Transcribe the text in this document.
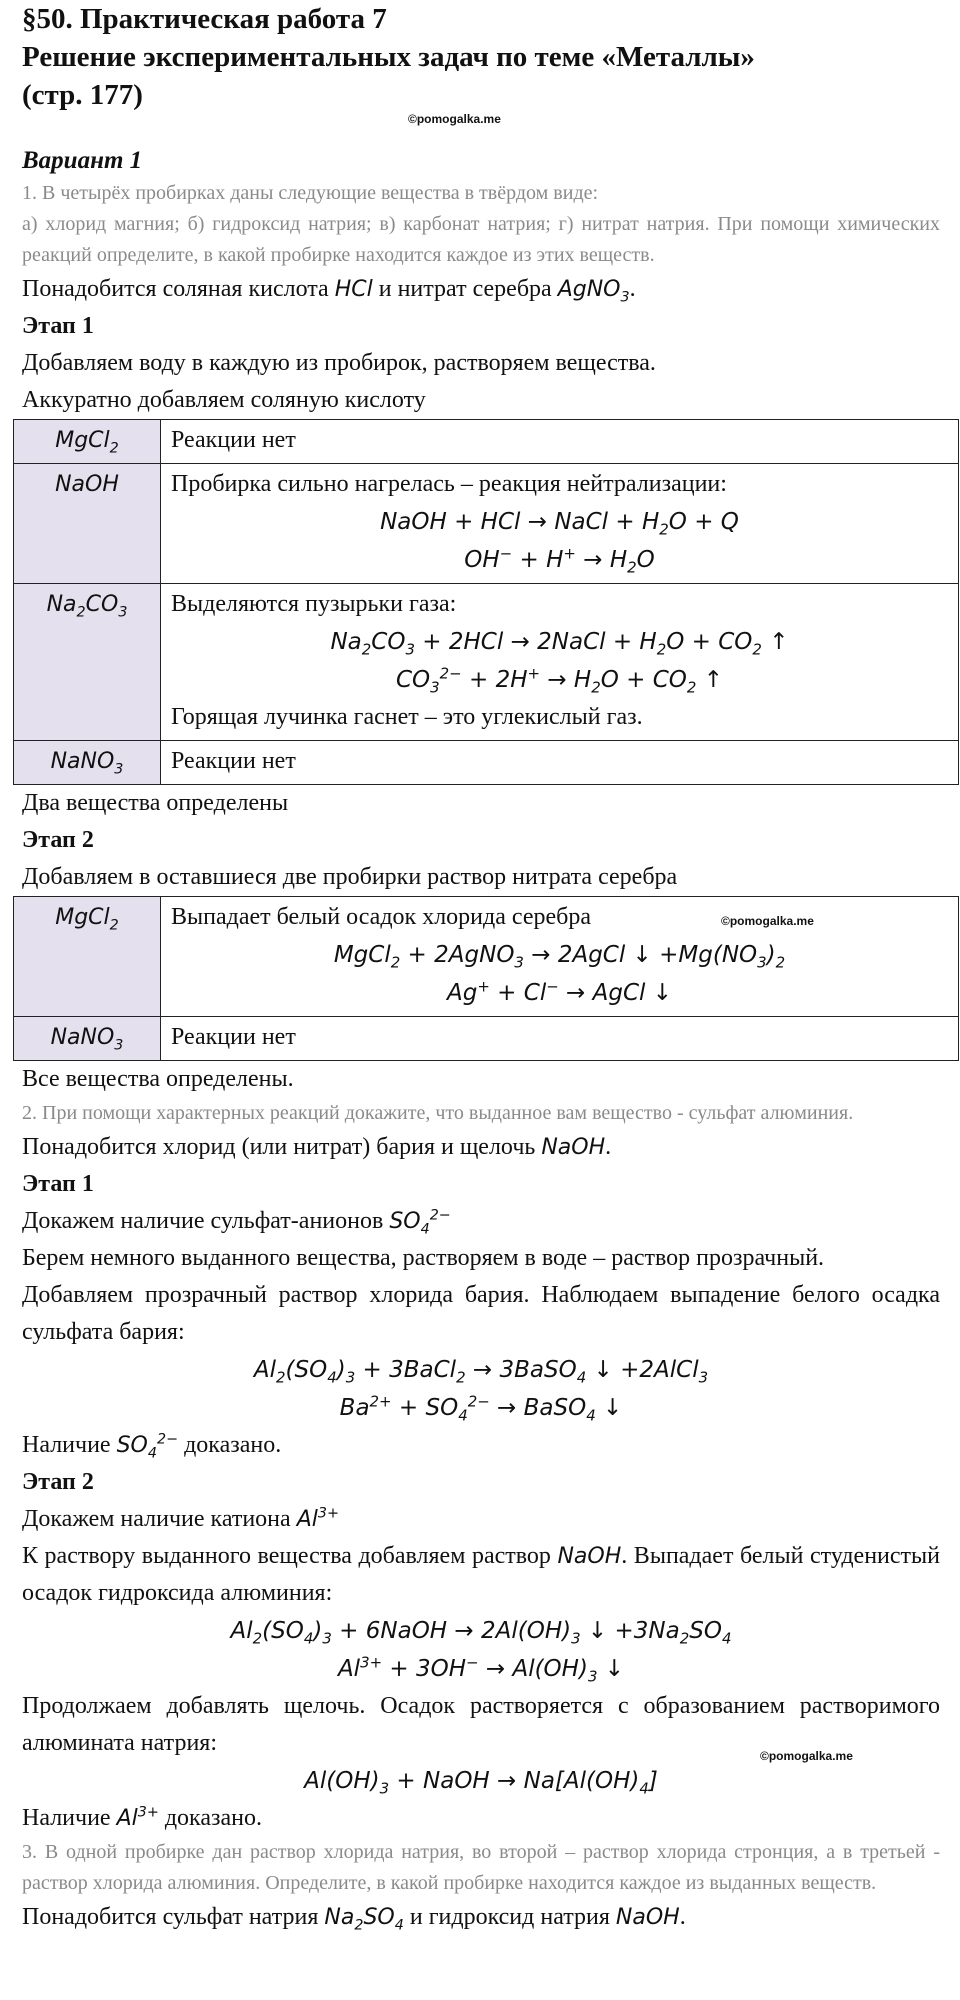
§50. Практическая работа 7
Решение экспериментальных задач по теме «Металлы»
(стр. 177)
Вариант 1
1. В четырёх пробирках даны следующие вещества в твёрдом виде:
а) хлорид магния; б) гидроксид натрия; в) карбонат натрия; г) нитрат натрия. При помощи химических реакций определите, в какой пробирке находится каждое из этих веществ.
Понадобится соляная кислота HCl и нитрат серебра AgNO$_3$.
Этап 1
Добавляем воду в каждую из пробирок, растворяем вещества.
Аккуратно добавляем соляную кислоту
MgCl$_2$	Реакции нет
NaOH	Пробирка сильно нагрелась – реакция нейтрализации:
NaOH + HCl → NaCl + $H_2O + Q$
$OH^- + H^+ \to H_2O$

$Na_2CO_3$	Выделяются пузырьки газа:
$Na_2CO_3 + 2HCl$ → 2NaCl + $H_2O + CO_2$ ↑
$CO_3^{2-} + 2H^+ \to H_2O + CO_2$ ↑
Горящая лучинка гаснет – это углекислый газ.

NaNO$_3$	Реакции нет
Два вещества определены
Этап 2
Добавляем в оставшиеся две пробирки раствор нитрата серебра
MgCl$_2$	Выпадает белый осадок хлорида серебра ©pomogalka.me
MgCl$_2$ + 2AgNO$_3$ → 2AgCl ↓ $+Mg(NO_3)_2$
Ag+ + Cl− → AgCl ↓

NaNO$_3$	Реакции нет
Все вещества определены.
2. При помощи характерных реакций докажите, что выданное вам вещество - сульфат алюминия.
Понадобится хлорид (или нитрат) бария и щелочь NaOH.
Этап 1
Докажем наличие сульфат-анионов $SO_4^{2-}$
Берем немного выданного вещества, растворяем в воде – раствор прозрачный.
Добавляем прозрачный раствор хлорида бария. Наблюдаем выпадение белого осадка сульфата бария:
$Al_2(SO_4)_3$ + 3BaCl$_2$ → 3BaSO$_4$ ↓ +2AlCl$_3$
$Ba^{2+} + SO_4^{2-}$ → BaSO$_4$ ↓
Наличие $SO_4^{2-}$ доказано.
Этап 2
Докажем наличие катиона $Al^{3+}$
К раствору выданного вещества добавляем раствор NaOH. Выпадает белый студенистый осадок гидроксида алюминия:
$Al_2(SO_4)_3$ + 6NaOH → $2Al(OH)_3$ ↓ $+3Na_2SO_4$
$Al^{3+} + 3OH^- \to Al(OH)_3$ ↓
Продолжаем добавлять щелочь. Осадок растворяется с образованием растворимого алюмината натрия:	©pomogalka.me
$Al(OH)_3$ + NaOH → $Na[Al(OH)_4]$
Наличие $Al^{3+}$ доказано.
3. В одной пробирке дан раствор хлорида натрия, во второй – раствор хлорида стронция, а в третьей - раствор хлорида алюминия. Определите, в какой пробирке находится каждое из выданных веществ.
Понадобится сульфат натрия $Na_2SO_4$ и гидроксид натрия NaOH.
©pomogalka.me
